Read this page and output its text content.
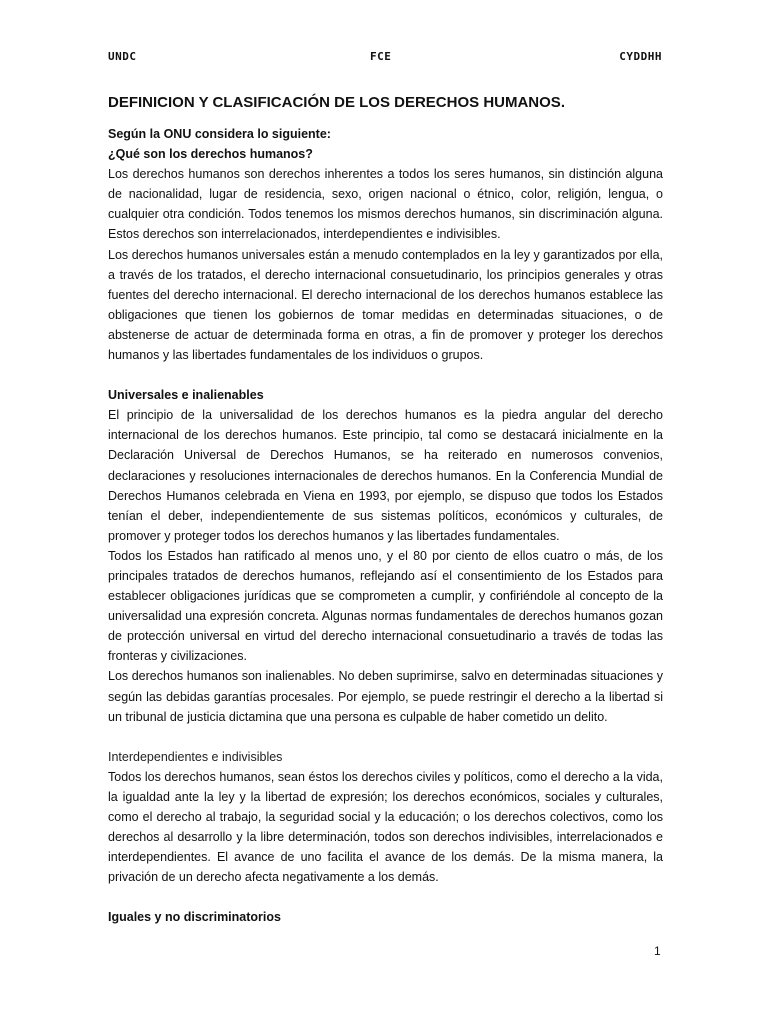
UNDC	FCE	CYDDHH
DEFINICION Y CLASIFICACIÓN DE LOS DERECHOS HUMANOS.

Según la ONU considera lo siguiente:

¿Qué son los derechos humanos?

Los derechos humanos son derechos inherentes a todos los seres humanos, sin distinción alguna de nacionalidad, lugar de residencia, sexo, origen nacional o étnico, color, religión, lengua, o cualquier otra condición. Todos tenemos los mismos derechos humanos, sin discriminación alguna. Estos derechos son interrelacionados, interdependientes e indivisibles.

Los derechos humanos universales están a menudo contemplados en la ley y garantizados por ella, a través de los tratados, el derecho internacional consuetudinario, los principios generales y otras fuentes del derecho internacional. El derecho internacional de los derechos humanos establece las obligaciones que tienen los gobiernos de tomar medidas en determinadas situaciones, o de abstenerse de actuar de determinada forma en otras, a fin de promover y proteger los derechos humanos y las libertades fundamentales de los individuos o grupos.

Universales e inalienables

El principio de la universalidad de los derechos humanos es la piedra angular del derecho internacional de los derechos humanos. Este principio, tal como se destacará inicialmente en la Declaración Universal de Derechos Humanos, se ha reiterado en numerosos convenios, declaraciones y resoluciones internacionales de derechos humanos. En la Conferencia Mundial de Derechos Humanos celebrada en Viena en 1993, por ejemplo, se dispuso que todos los Estados tenían el deber, independientemente de sus sistemas políticos, económicos y culturales, de promover y proteger todos los derechos humanos y las libertades fundamentales.

Todos los Estados han ratificado al menos uno, y el 80 por ciento de ellos cuatro o más, de los principales tratados de derechos humanos, reflejando así el consentimiento de los Estados para establecer obligaciones jurídicas que se comprometen a cumplir, y confiriéndole al concepto de la universalidad una expresión concreta. Algunas normas fundamentales de derechos humanos gozan de protección universal en virtud del derecho internacional consuetudinario a través de todas las fronteras y civilizaciones.

Los derechos humanos son inalienables. No deben suprimirse, salvo en determinadas situaciones y según las debidas garantías procesales. Por ejemplo, se puede restringir el derecho a la libertad si un tribunal de justicia dictamina que una persona es culpable de haber cometido un delito.

Interdependientes e indivisibles

Todos los derechos humanos, sean éstos los derechos civiles y políticos, como el derecho a la vida, la igualdad ante la ley y la libertad de expresión; los derechos económicos, sociales y culturales, como el derecho al trabajo, la seguridad social y la educación; o los derechos colectivos, como los derechos al desarrollo y la libre determinación, todos son derechos indivisibles, interrelacionados e interdependientes. El avance de uno facilita el avance de los demás. De la misma manera, la privación de un derecho afecta negativamente a los demás.

Iguales y no discriminatorios

1
